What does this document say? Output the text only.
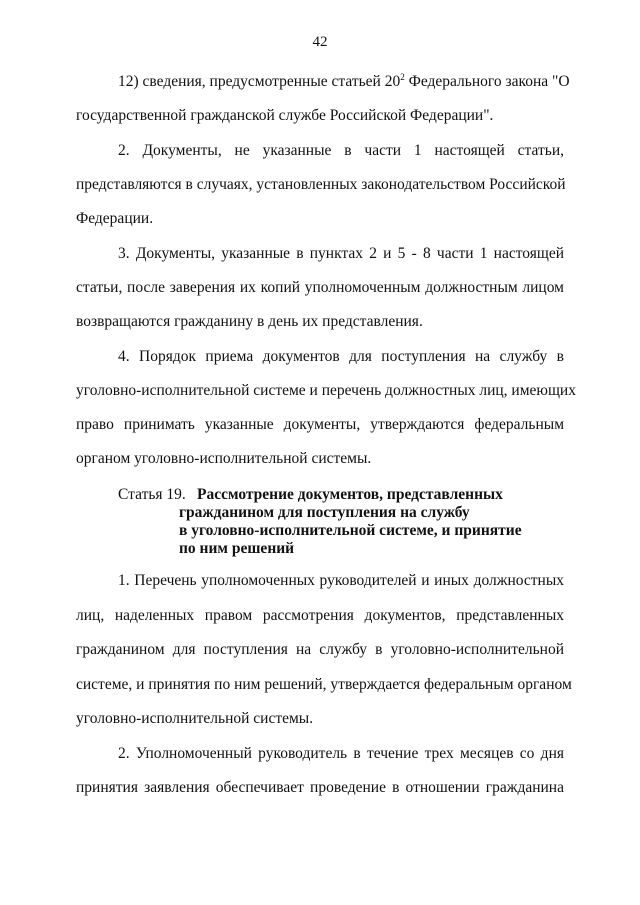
42
12) сведения, предусмотренные статьей $20^2$ Федерального закона "О
государственной гражданской службе Российской Федерации".
2. Документы, не указанные в части 1 настоящей статьи,
представляются в случаях, установленных законодательством Российской
Федерации.
3. Документы, указанные в пунктах 2 и 5 - 8 части 1 настоящей
статьи, после заверения их копий уполномоченным должностным лицом
возвращаются гражданину в день их представления.
4. Порядок приема документов для поступления на службу в
уголовно-исполнительной системе и перечень должностных лиц, имеющих
право принимать указанные документы, утверждаются федеральным
органом уголовно-исполнительной системы.
Статья 19. Рассмотрение документов, представленных
гражданином для поступления на службу
в уголовно-исполнительной системе, и принятие
по ним решений
1. Перечень уполномоченных руководителей и иных должностных
лиц, наделенных правом рассмотрения документов, представленных
гражданином для поступления на службу в уголовно-исполнительной
системе, и принятия по ним решений, утверждается федеральным органом
уголовно-исполнительной системы.
2. Уполномоченный руководитель в течение трех месяцев со дня
принятия заявления обеспечивает проведение в отношении гражданина
